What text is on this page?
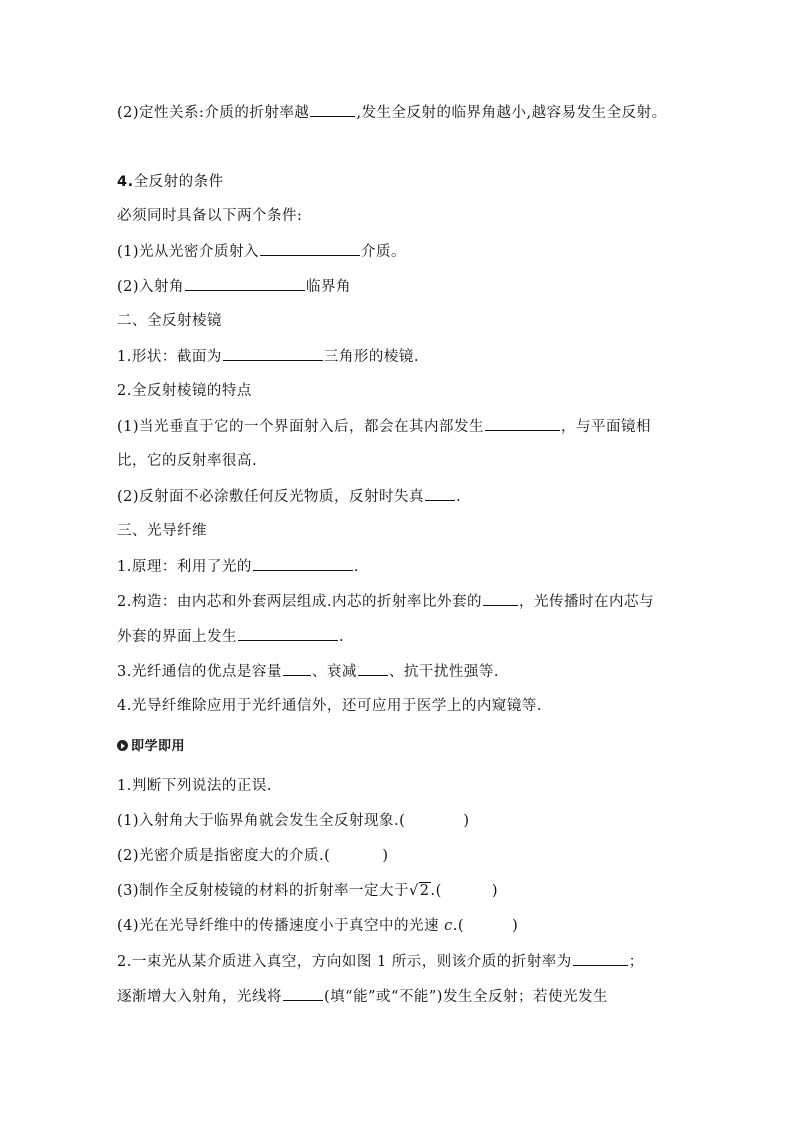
(2)定性关系:介质的折射率越	,发生全反射的临界角越小,越容易发生全反射。
4.全反射的条件
必须同时具备以下两个条件:
(1)光从光密介质射入	介质。
(2)入射角	临界角
二、全反射棱镜
1.形状：截面为	三角形的棱镜.
2.全反射棱镜的特点
(1)当光垂直于它的一个界面射入后，都会在其内部发生	，与平面镜相
比，它的反射率很高.
(2)反射面不必涂敷任何反光物质，反射时失真 .
三、光导纤维
1.原理：利用了光的	.
2.构造：由内芯和外套两层组成.内芯的折射率比外套的	，光传播时在内芯与
外套的界面上发生	.
3.光纤通信的优点是容量 、衰减 、抗干扰性强等.
4.光导纤维除应用于光纤通信外，还可应用于医学上的内窥镜等.
即学即用
1.判断下列说法的正误.
(1)入射角大于临界角就会发生全反射现象.(	)
(2)光密介质是指密度大的介质.(	)
(3)制作全反射棱镜的材料的折射率一定大于√2.(	)
(4)光在光导纤维中的传播速度小于真空中的光速 c.(	)
2.一束光从某介质进入真空，方向如图 1 所示，则该介质的折射率为	；
逐渐增大入射角，光线将	(填“能”或“不能”)发生全反射；若使光发生
